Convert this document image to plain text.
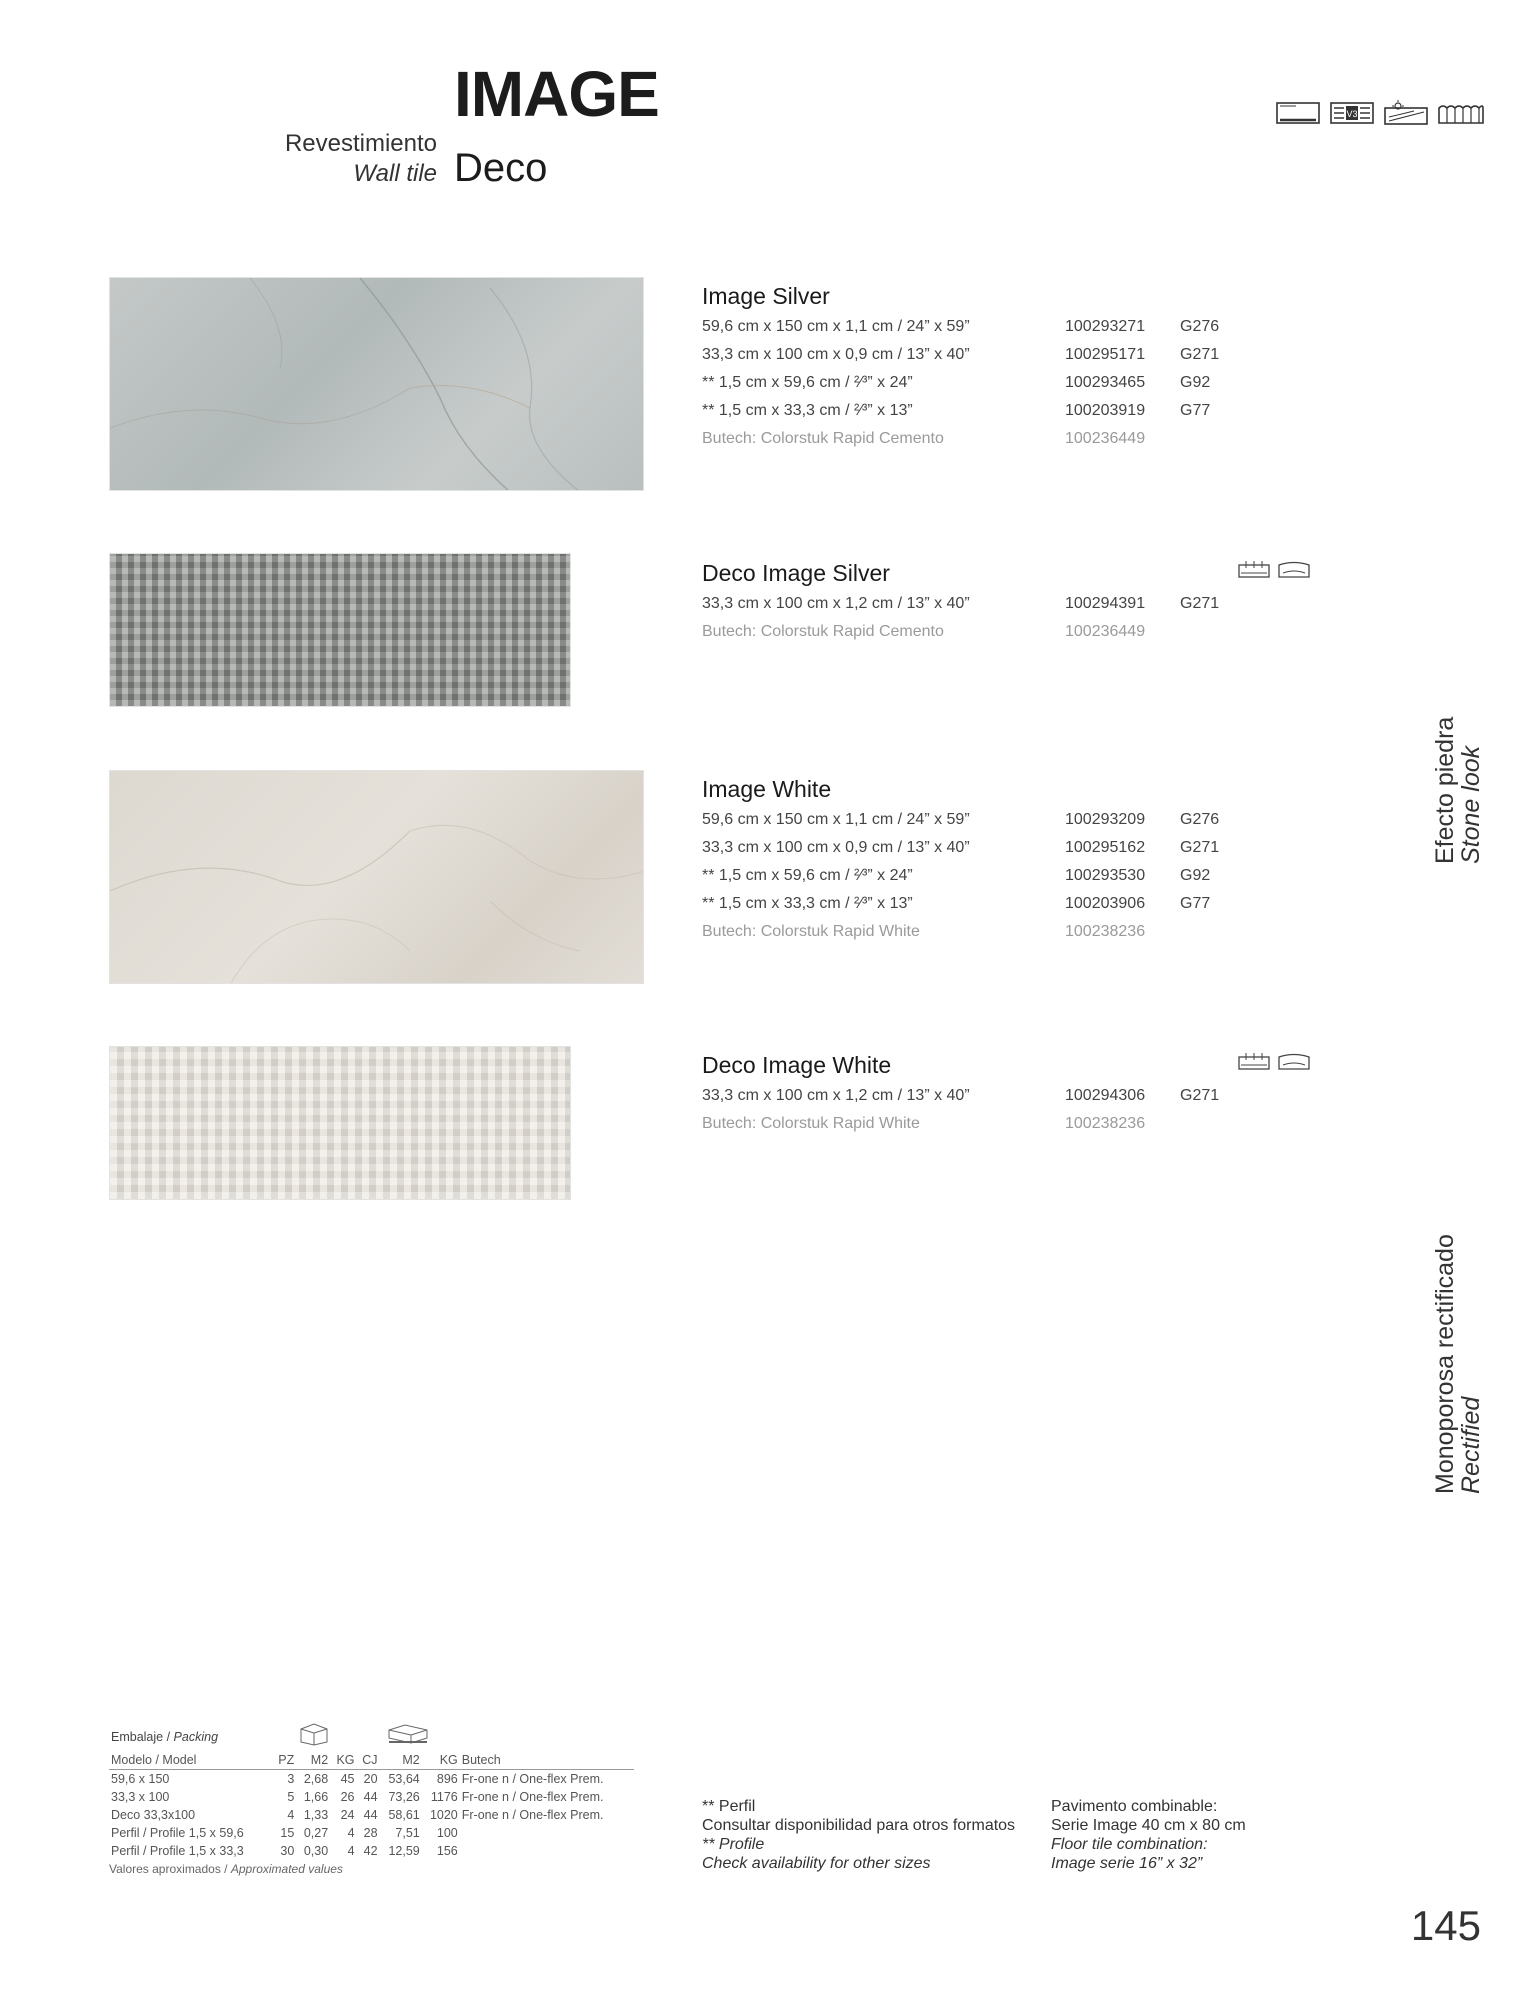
IMAGE
Deco
Revestimiento
Wall tile
V3
Image Silver
59,6 cm x 150 cm x 1,1 cm / 24” x 59”	100293271 G276
33,3 cm x 100 cm x 0,9 cm / 13” x 40”	100295171 G271
** 1,5 cm x 59,6 cm / ²⁄³” x 24”	100293465 G92
** 1,5 cm x 33,3 cm / ²⁄³” x 13”	100203919 G77
Butech: Colorstuk Rapid Cemento	100236449
Deco Image Silver
33,3 cm x 100 cm x 1,2 cm / 13” x 40”	100294391 G271
Butech: Colorstuk Rapid Cemento	100236449
Image White
59,6 cm x 150 cm x 1,1 cm / 24” x 59”	100293209 G276
33,3 cm x 100 cm x 0,9 cm / 13” x 40”	100295162 G271
** 1,5 cm x 59,6 cm / ²⁄³” x 24”	100293530 G92
** 1,5 cm x 33,3 cm / ²⁄³” x 13”	100203906 G77
Butech: Colorstuk Rapid White	100238236
Deco Image White
33,3 cm x 100 cm x 1,2 cm / 13” x 40”	100294306 G271
Butech: Colorstuk Rapid White	100238236
Efecto piedra
Stone look
Monoporosa rectificado
Rectified
Embalaje / Packing			
Modelo / Model	PZ	M2	KG	CJ	M2	KG	Butech
59,6 x 150	3	2,68	45	20	53,64	896	Fr-one n / One-flex Prem.
33,3 x 100	5	1,66	26	44	73,26	1176	Fr-one n / One-flex Prem.
Deco 33,3x100	4	1,33	24	44	58,61	1020	Fr-one n / One-flex Prem.
Perfil / Profile 1,5 x 59,6	15	0,27	4	28	7,51	100	
Perfil / Profile 1,5 x 33,3	30	0,30	4	42	12,59	156	
Valores aproximados / Approximated values
** Perfil
Consultar disponibilidad para otros formatos
** Profile
Check availability for other sizes
Pavimento combinable:
Serie Image 40 cm x 80 cm
Floor tile combination:
Image serie 16” x 32”
145
